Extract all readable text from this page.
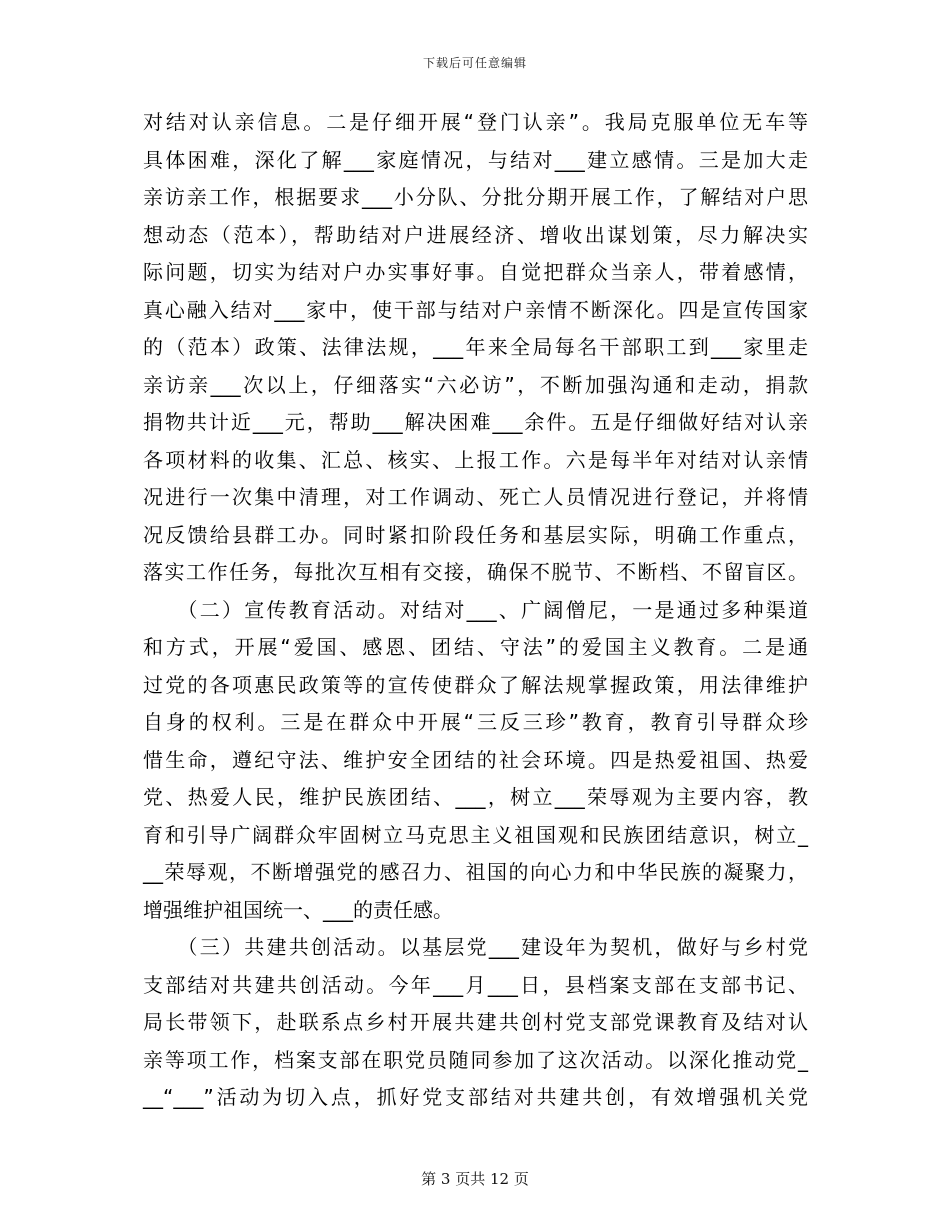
下载后可任意编辑
对结对认亲信息。二是仔细开展“登门认亲”。我局克服单位无车等
具体困难，深化了解___家庭情况，与结对___建立感情。三是加大走
亲访亲工作，根据要求___小分队、分批分期开展工作，了解结对户思
想动态（范本），帮助结对户进展经济、增收出谋划策，尽力解决实
际问题，切实为结对户办实事好事。自觉把群众当亲人，带着感情，
真心融入结对___家中，使干部与结对户亲情不断深化。四是宣传国家
的（范本）政策、法律法规，___年来全局每名干部职工到___家里走
亲访亲___次以上，仔细落实“六必访”，不断加强沟通和走动，捐款
捐物共计近___元，帮助___解决困难___余件。五是仔细做好结对认亲
各项材料的收集、汇总、核实、上报工作。六是每半年对结对认亲情
况进行一次集中清理，对工作调动、死亡人员情况进行登记，并将情
况反馈给县群工办。同时紧扣阶段任务和基层实际，明确工作重点，
落实工作任务，每批次互相有交接，确保不脱节、不断档、不留盲区。
　　（二）宣传教育活动。对结对___、广阔僧尼，一是通过多种渠道
和方式，开展“爱国、感恩、团结、守法”的爱国主义教育。二是通
过党的各项惠民政策等的宣传使群众了解法规掌握政策，用法律维护
自身的权利。三是在群众中开展“三反三珍”教育，教育引导群众珍
惜生命，遵纪守法、维护安全团结的社会环境。四是热爱祖国、热爱
党、热爱人民，维护民族团结、___，树立___荣辱观为主要内容，教
育和引导广阔群众牢固树立马克思主义祖国观和民族团结意识，树立_
__荣辱观，不断增强党的感召力、祖国的向心力和中华民族的凝聚力，
增强维护祖国统一、___的责任感。
　　（三）共建共创活动。以基层党___建设年为契机，做好与乡村党
支部结对共建共创活动。今年___月___日，县档案支部在支部书记、
局长带领下，赴联系点乡村开展共建共创村党支部党课教育及结对认
亲等项工作，档案支部在职党员随同参加了这次活动。以深化推动党_
__“___”活动为切入点，抓好党支部结对共建共创，有效增强机关党
第 3 页共 12 页
